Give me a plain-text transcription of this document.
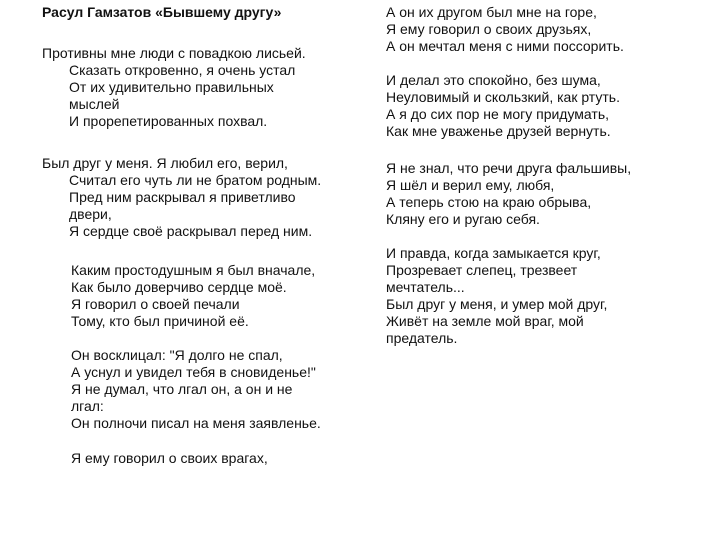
Расул Гамзатов «Бывшему другу»
Противны мне люди с повадкою лисьей.
Сказать откровенно, я очень устал
От их удивительно правильных
мыслей
И прорепетированных похвал.
Был друг у меня. Я любил его, верил,
Считал его чуть ли не братом родным.
Пред ним раскрывал я приветливо
двери,
Я сердце своё раскрывал перед ним.
Каким простодушным я был вначале,
Как было доверчиво сердце моё.
Я говорил о своей печали
Тому, кто был причиной её.
Он восклицал: "Я долго не спал,
А уснул и увидел тебя в сновиденье!"
Я не думал, что лгал он, а он и не
лгал:
Он полночи писал на меня заявленье.
Я ему говорил о своих врагах,
А он их другом был мне на горе,
Я ему говорил о своих друзьях,
А он мечтал меня с ними поссорить.
И делал это спокойно, без шума,
Неуловимый и скользкий, как ртуть.
А я до сих пор не могу придумать,
Как мне уваженье друзей вернуть.
Я не знал, что речи друга фальшивы,
Я шёл и верил ему, любя,
А теперь стою на краю обрыва,
Кляну его и ругаю себя.
И правда, когда замыкается круг,
Прозревает слепец, трезвеет
мечтатель...
Был друг у меня, и умер мой друг,
Живёт на земле мой враг, мой
предатель.
